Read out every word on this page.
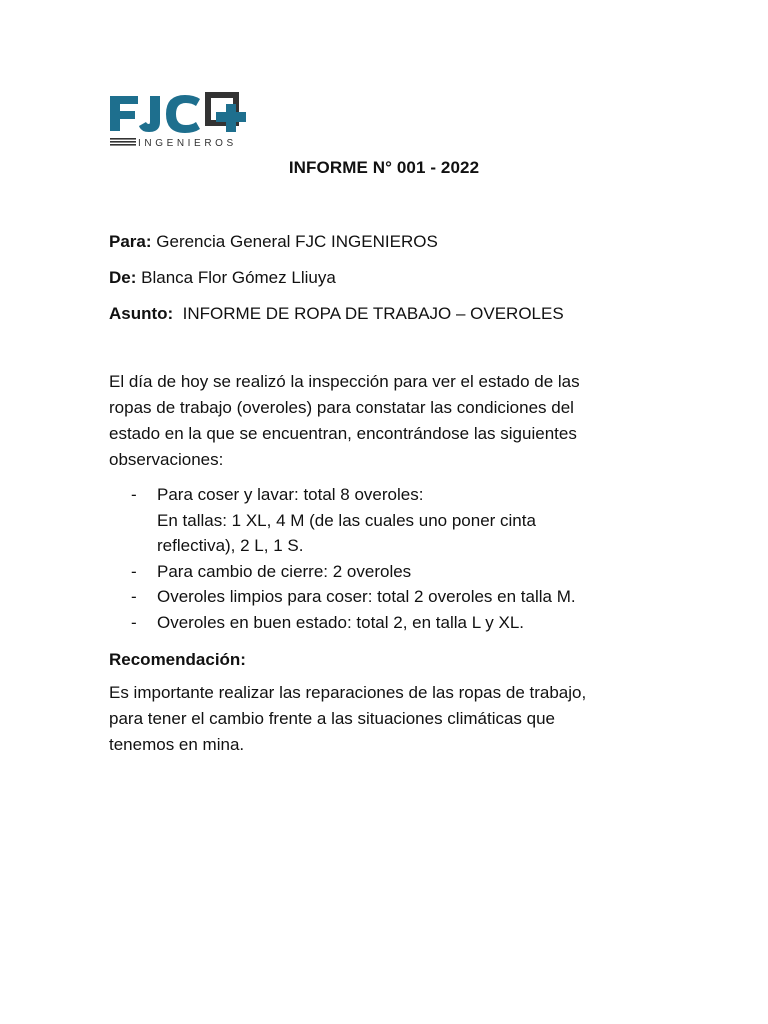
INGENIEROS
INFORME N° 001 - 2022
Para: Gerencia General FJC INGENIEROS
De: Blanca Flor Gómez Lliuya
Asunto: INFORME DE ROPA DE TRABAJO – OVEROLES

El día de hoy se realizó la inspección para ver el estado de las

ropas de trabajo (overoles) para constatar las condiciones del

estado en la que se encuentran, encontrándose las siguientes

observaciones:

- Para coser y lavar: total 8 overoles:
En tallas: 1 XL, 4 M (de las cuales uno poner cinta
reflectiva), 2 L, 1 S.
- Para cambio de cierre: 2 overoles
- Overoles limpios para coser: total 2 overoles en talla M.
- Overoles en buen estado: total 2, en talla L y XL.
Recomendación:

Es importante realizar las reparaciones de las ropas de trabajo,

para tener el cambio frente a las situaciones climáticas que

tenemos en mina.
